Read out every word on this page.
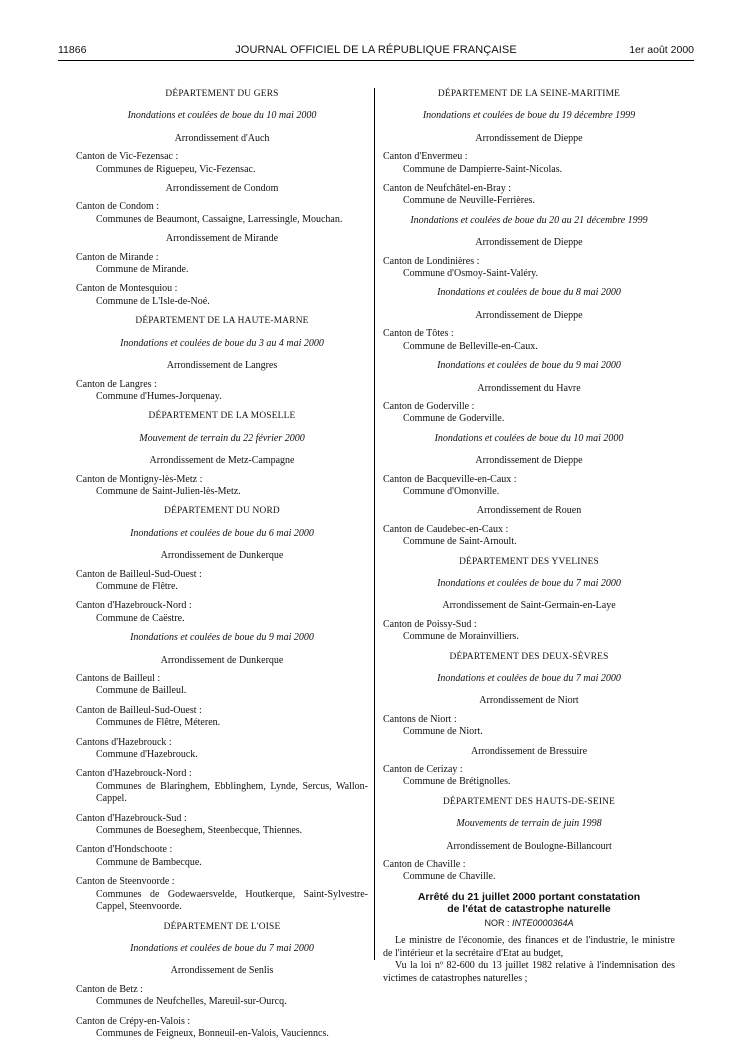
11866	JOURNAL OFFICIEL DE LA RÉPUBLIQUE FRANÇAISE	1er août 2000
DÉPARTEMENT DU GERS
Inondations et coulées de boue du 10 mai 2000
Arrondissement d'Auch
Canton de Vic-Fezensac :
Communes de Riguepeu, Vic-Fezensac.
Arrondissement de Condom
Canton de Condom :
Communes de Beaumont, Cassaigne, Larressingle, Mouchan.
Arrondissement de Mirande
Canton de Mirande :
Commune de Mirande.
Canton de Montesquiou :
Commune de L'Isle-de-Noé.
DÉPARTEMENT DE LA HAUTE-MARNE
Inondations et coulées de boue du 3 au 4 mai 2000
Arrondissement de Langres
Canton de Langres :
Commune d'Humes-Jorquenay.
DÉPARTEMENT DE LA MOSELLE
Mouvement de terrain du 22 février 2000
Arrondissement de Metz-Campagne
Canton de Montigny-lès-Metz :
Commune de Saint-Julien-lès-Metz.
DÉPARTEMENT DU NORD
Inondations et coulées de boue du 6 mai 2000
Arrondissement de Dunkerque
Canton de Bailleul-Sud-Ouest :
Commune de Flêtre.
Canton d'Hazebrouck-Nord :
Commune de Caëstre.
Inondations et coulées de boue du 9 mai 2000
Arrondissement de Dunkerque
Cantons de Bailleul :
Commune de Bailleul.
Canton de Bailleul-Sud-Ouest :
Communes de Flêtre, Méteren.
Cantons d'Hazebrouck :
Commune d'Hazebrouck.
Canton d'Hazebrouck-Nord :
Communes de Blaringhem, Ebblinghem, Lynde, Sercus, Wallon-Cappel.
Canton d'Hazebrouck-Sud :
Communes de Boeseghem, Steenbecque, Thiennes.
Canton d'Hondschoote :
Commune de Bambecque.
Canton de Steenvoorde :
Communes de Godewaersvelde, Houtkerque, Saint-Sylvestre-Cappel, Steenvoorde.
DÉPARTEMENT DE L'OISE
Inondations et coulées de boue du 7 mai 2000
Arrondissement de Senlis
Canton de Betz :
Communes de Neufchelles, Mareuil-sur-Ourcq.
Canton de Crépy-en-Valois :
Communes de Feigneux, Bonneuil-en-Valois, Vaucienncs.
DÉPARTEMENT DE LA SEINE-MARITIME
Inondations et coulées de boue du 19 décembre 1999
Arrondissement de Dieppe
Canton d'Envermeu :
Commune de Dampierre-Saint-Nicolas.
Canton de Neufchâtel-en-Bray :
Commune de Neuville-Ferrières.
Inondations et coulées de boue du 20 au 21 décembre 1999
Arrondissement de Dieppe
Canton de Londinières :
Commune d'Osmoy-Saint-Valéry.
Inondations et coulées de boue du 8 mai 2000
Arrondissement de Dieppe
Canton de Tôtes :
Commune de Belleville-en-Caux.
Inondations et coulées de boue du 9 mai 2000
Arrondissement du Havre
Canton de Goderville :
Commune de Goderville.
Inondations et coulées de boue du 10 mai 2000
Arrondissement de Dieppe
Canton de Bacqueville-en-Caux :
Commune d'Omonville.
Arrondissement de Rouen
Canton de Caudebec-en-Caux :
Commune de Saint-Arnoult.
DÉPARTEMENT DES YVELINES
Inondations et coulées de boue du 7 mai 2000
Arrondissement de Saint-Germain-en-Laye
Canton de Poissy-Sud :
Commune de Morainvilliers.
DÉPARTEMENT DES DEUX-SÈVRES
Inondations et coulées de boue du 7 mai 2000
Arrondissement de Niort
Cantons de Niort :
Commune de Niort.
Arrondissement de Bressuire
Canton de Cerizay :
Commune de Brétignolles.
DÉPARTEMENT DES HAUTS-DE-SEINE
Mouvements de terrain de juin 1998
Arrondissement de Boulogne-Billancourt
Canton de Chaville :
Commune de Chaville.
Arrêté du 21 juillet 2000 portant constatation
de l'état de catastrophe naturelle
NOR : INTE0000364A

Le ministre de l'économie, des finances et de l'industrie, le ministre de l'intérieur et la secrétaire d'Etat au budget,

Vu la loi nº 82-600 du 13 juillet 1982 relative à l'indemnisation des victimes de catastrophes naturelles ;
